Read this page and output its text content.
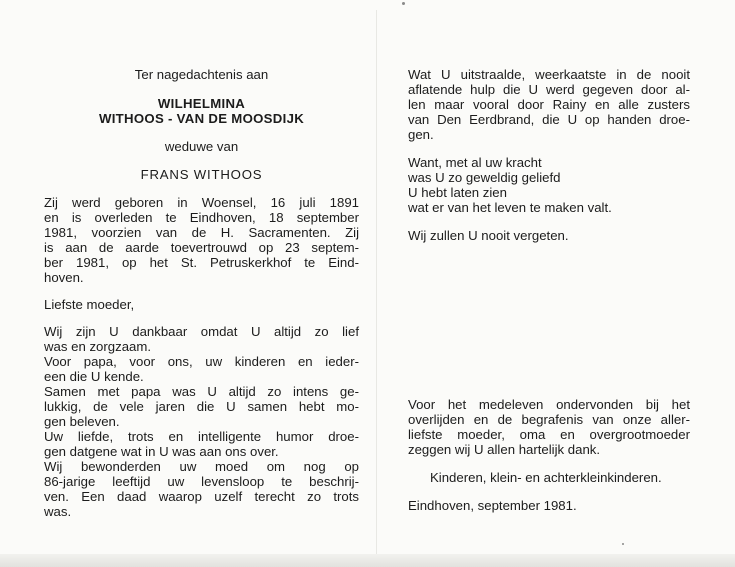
Ter nagedachtenis aan
WILHELMINA
WITHOOS - VAN DE MOOSDIJK
weduwe van
FRANS WITHOOS
Zij werd geboren in Woensel, 16 juli 1891
en is overleden te Eindhoven, 18 september
1981, voorzien van de H. Sacramenten. Zij
is aan de aarde toevertrouwd op 23 septem-
ber 1981, op het St. Petruskerkhof te Eind-
hoven.
Liefste moeder,
Wij zijn U dankbaar omdat U altijd zo lief
was en zorgzaam.
Voor papa, voor ons, uw kinderen en ieder-
een die U kende.
Samen met papa was U altijd zo intens ge-
lukkig, de vele jaren die U samen hebt mo-
gen beleven.
Uw liefde, trots en intelligente humor droe-
gen datgene wat in U was aan ons over.
Wij bewonderden uw moed om nog op
86-jarige leeftijd uw levensloop te beschrij-
ven. Een daad waarop uzelf terecht zo trots
was.
Wat U uitstraalde, weerkaatste in de nooit
aflatende hulp die U werd gegeven door al-
len maar vooral door Rainy en alle zusters
van Den Eerdbrand, die U op handen droe-
gen.
Want, met al uw kracht
was U zo geweldig geliefd
U hebt laten zien
wat er van het leven te maken valt.
Wij zullen U nooit vergeten.
Voor het medeleven ondervonden bij het
overlijden en de begrafenis van onze aller-
liefste moeder, oma en overgrootmoeder
zeggen wij U allen hartelijk dank.
Kinderen, klein- en achterkleinkinderen.
Eindhoven, september 1981.
